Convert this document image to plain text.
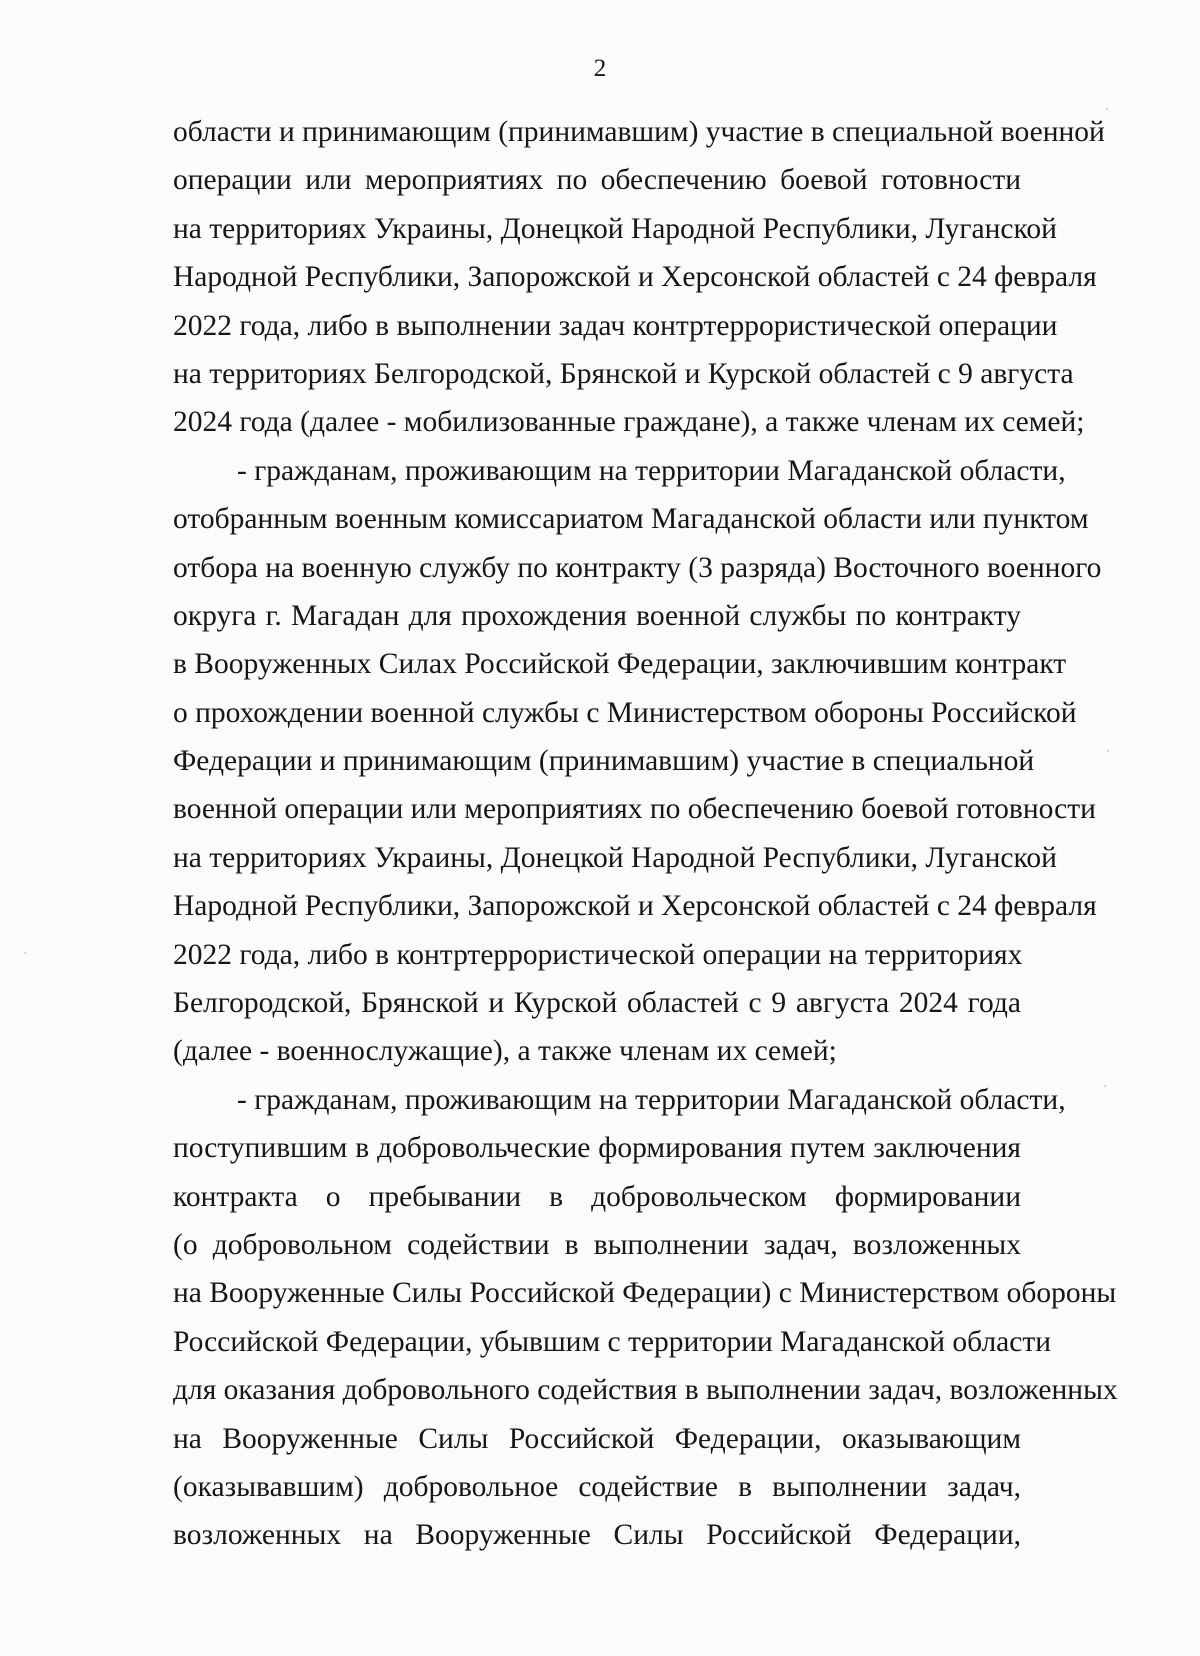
2
области и принимающим (принимавшим) участие в специальной военной
операции или мероприятиях по обеспечению боевой готовности
на территориях Украины, Донецкой Народной Республики, Луганской
Народной Республики, Запорожской и Херсонской областей с 24 февраля
2022 года, либо в выполнении задач контртеррористической операции
на территориях Белгородской, Брянской и Курской областей с 9 августа
2024 года (далее - мобилизованные граждане), а также членам их семей;
- гражданам, проживающим на территории Магаданской области,
отобранным военным комиссариатом Магаданской области или пунктом
отбора на военную службу по контракту (3 разряда) Восточного военного
округа г. Магадан для прохождения военной службы по контракту
в Вооруженных Силах Российской Федерации, заключившим контракт
о прохождении военной службы с Министерством обороны Российской
Федерации и принимающим (принимавшим) участие в специальной
военной операции или мероприятиях по обеспечению боевой готовности
на территориях Украины, Донецкой Народной Республики, Луганской
Народной Республики, Запорожской и Херсонской областей с 24 февраля
2022 года, либо в контртеррористической операции на территориях
Белгородской, Брянской и Курской областей с 9 августа 2024 года
(далее - военнослужащие), а также членам их семей;
- гражданам, проживающим на территории Магаданской области,
поступившим в добровольческие формирования путем заключения
контракта о пребывании в добровольческом формировании
(о добровольном содействии в выполнении задач, возложенных
на Вооруженные Силы Российской Федерации) с Министерством обороны
Российской Федерации, убывшим с территории Магаданской области
для оказания добровольного содействия в выполнении задач, возложенных
на Вооруженные Силы Российской Федерации, оказывающим
(оказывавшим) добровольное содействие в выполнении задач,
возложенных на Вооруженные Силы Российской Федерации,
